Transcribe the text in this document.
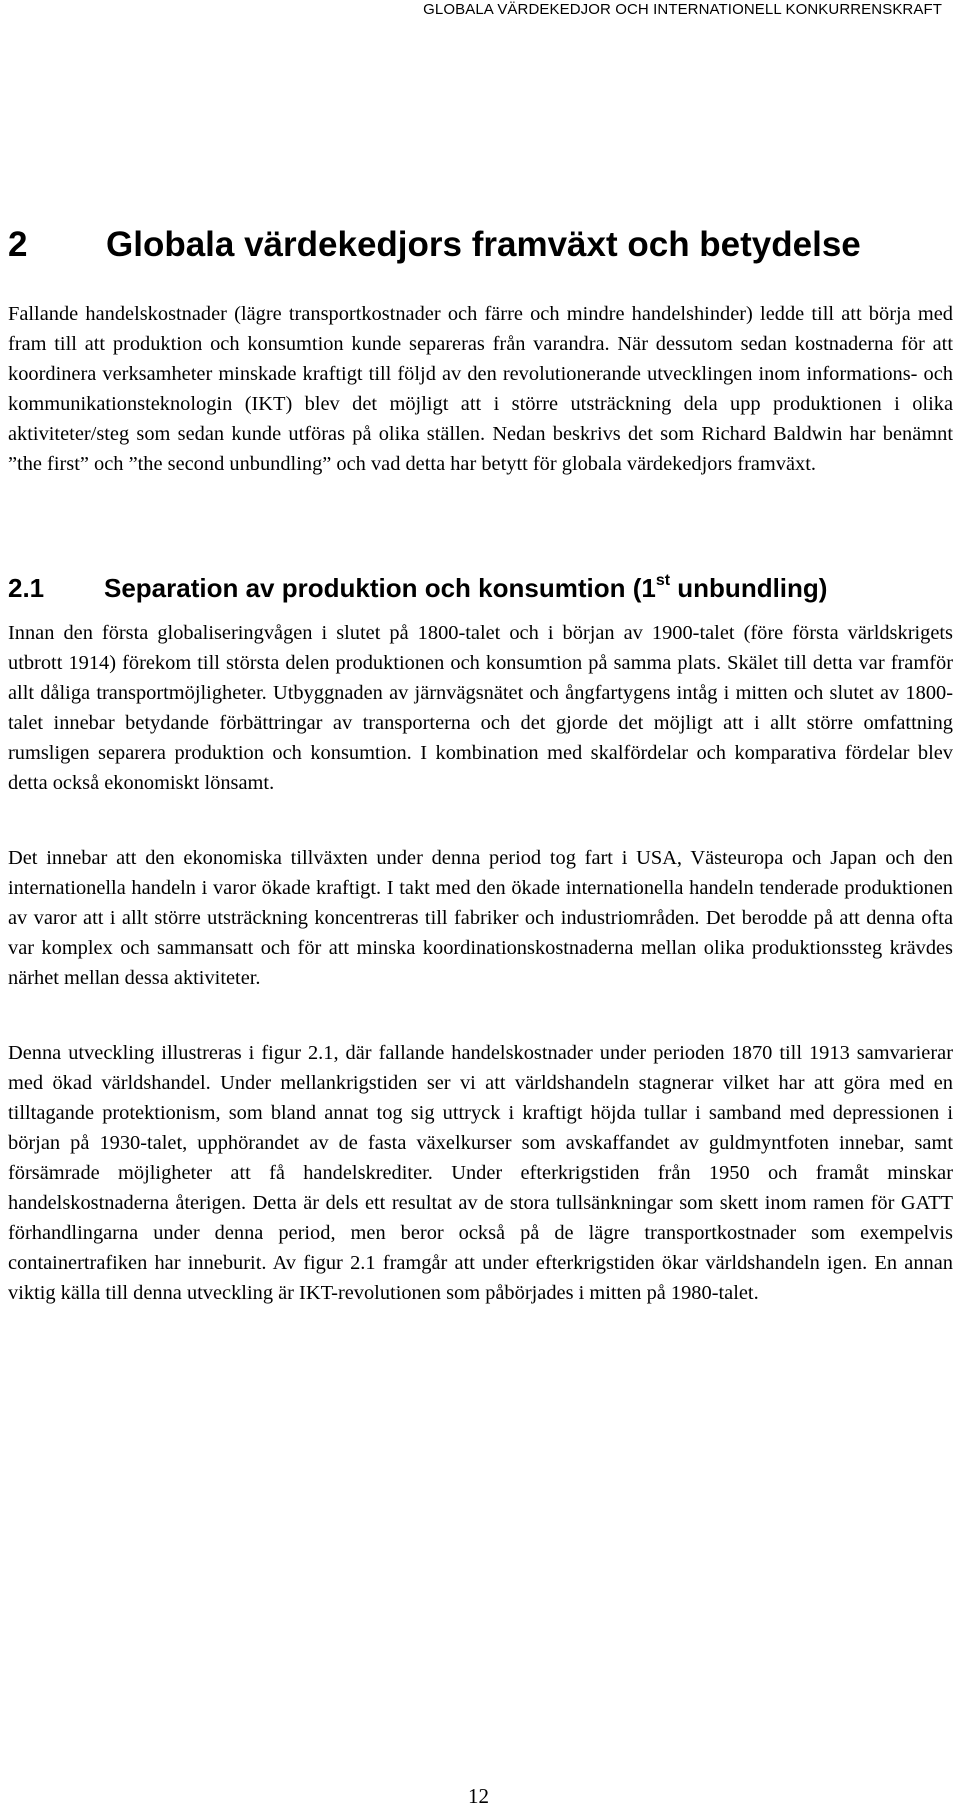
GLOBALA VÄRDEKEDJOR OCH INTERNATIONELL KONKURRENSKRAFT
2 Globala värdekedjors framväxt och betydelse

Fallande handelskostnader (lägre transportkostnader och färre och mindre handelshinder) ledde till att börja med fram till att produktion och konsumtion kunde separeras från varandra. När dessutom sedan kostnaderna för att koordinera verksamheter minskade kraftigt till följd av den revolutionerande utvecklingen inom informations- och kommunikationsteknologin (IKT) blev det möjligt att i större utsträckning dela upp produktionen i olika aktiviteter/steg som sedan kunde utföras på olika ställen. Nedan beskrivs det som Richard Baldwin har benämnt ”the first” och ”the second unbundling” och vad detta har betytt för globala värdekedjors framväxt.

2.1 Separation av produktion och konsumtion (1st unbundling)

Innan den första globaliseringvågen i slutet på 1800-talet och i början av 1900-talet (före första världskrigets utbrott 1914) förekom till största delen produktionen och konsumtion på samma plats. Skälet till detta var framför allt dåliga transportmöjligheter. Utbyggnaden av järnvägsnätet och ångfartygens intåg i mitten och slutet av 1800-talet innebar betydande förbättringar av transporterna och det gjorde det möjligt att i allt större omfattning rumsligen separera produktion och konsumtion. I kombination med skalfördelar och komparativa fördelar blev detta också ekonomiskt lönsamt.

Det innebar att den ekonomiska tillväxten under denna period tog fart i USA, Västeuropa och Japan och den internationella handeln i varor ökade kraftigt. I takt med den ökade internationella handeln tenderade produktionen av varor att i allt större utsträckning koncentreras till fabriker och industriområden. Det berodde på att denna ofta var komplex och sammansatt och för att minska koordinationskostnaderna mellan olika produktionssteg krävdes närhet mellan dessa aktiviteter.

Denna utveckling illustreras i figur 2.1, där fallande handelskostnader under perioden 1870 till 1913 samvarierar med ökad världshandel. Under mellankrigstiden ser vi att världshandeln stagnerar vilket har att göra med en tilltagande protektionism, som bland annat tog sig uttryck i kraftigt höjda tullar i samband med depressionen i början på 1930-talet, upphörandet av de fasta växelkurser som avskaffandet av guldmyntfoten innebar, samt försämrade möjligheter att få handelskrediter. Under efterkrigstiden från 1950 och framåt minskar handelskostnaderna återigen. Detta är dels ett resultat av de stora tullsänkningar som skett inom ramen för GATT förhandlingarna under denna period, men beror också på de lägre transportkostnader som exempelvis containertrafiken har inneburit. Av figur 2.1 framgår att under efterkrigstiden ökar världshandeln igen. En annan viktig källa till denna utveckling är IKT-revolutionen som påbörjades i mitten på 1980-talet.

12
